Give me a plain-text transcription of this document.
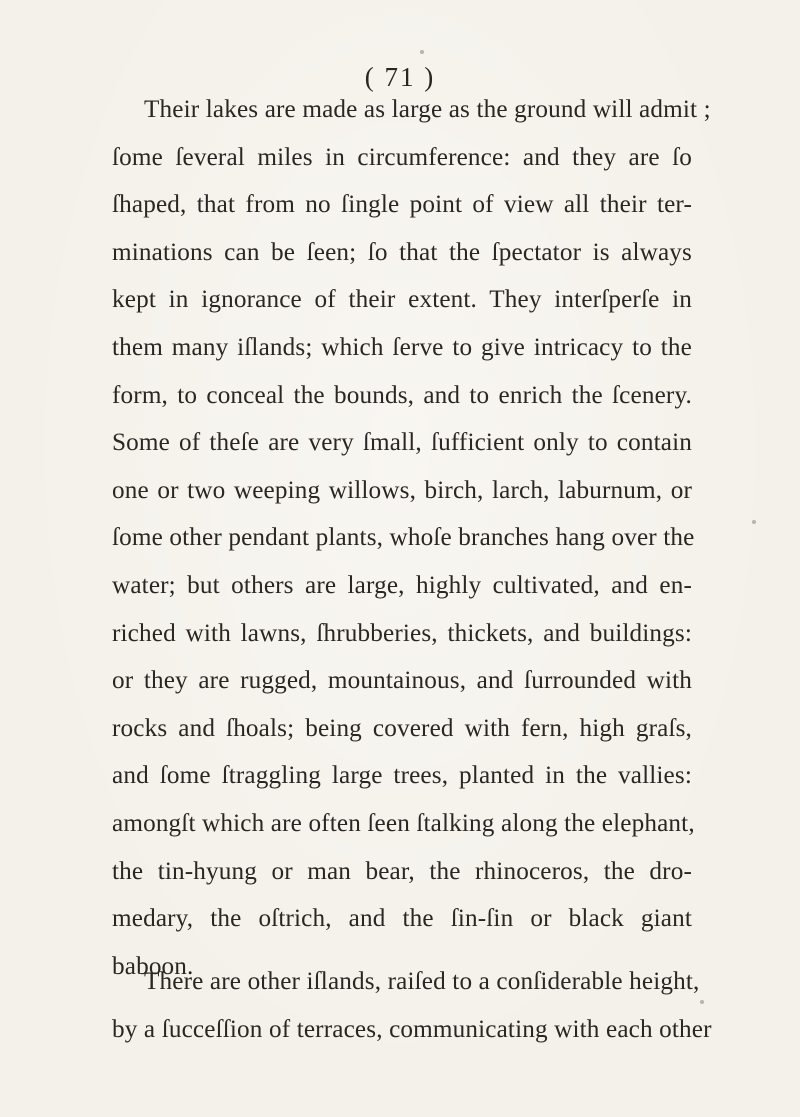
( 71 )
Their lakes are made as large as the ground will admit ;
ſome ſeveral miles in circumference: and they are ſo
ſhaped, that from no ſingle point of view all their ter-
minations can be ſeen; ſo that the ſpectator is always
kept in ignorance of their extent. They interſperſe in
them many iſlands; which ſerve to give intricacy to the
form, to conceal the bounds, and to enrich the ſcenery.
Some of theſe are very ſmall, ſufficient only to contain
one or two weeping willows, birch, larch, laburnum, or
ſome other pendant plants, whoſe branches hang over the
water; but others are large, highly cultivated, and en-
riched with lawns, ſhrubberies, thickets, and buildings:
or they are rugged, mountainous, and ſurrounded with
rocks and ſhoals; being covered with fern, high graſs,
and ſome ſtraggling large trees, planted in the vallies:
amongſt which are often ſeen ſtalking along the elephant,
the tin-hyung or man bear, the rhinoceros, the dro-
medary, the oſtrich, and the ſin-ſin or black giant
baboon.
There are other iſlands, raiſed to a conſiderable height,
by a ſucceſſion of terraces, communicating with each other
